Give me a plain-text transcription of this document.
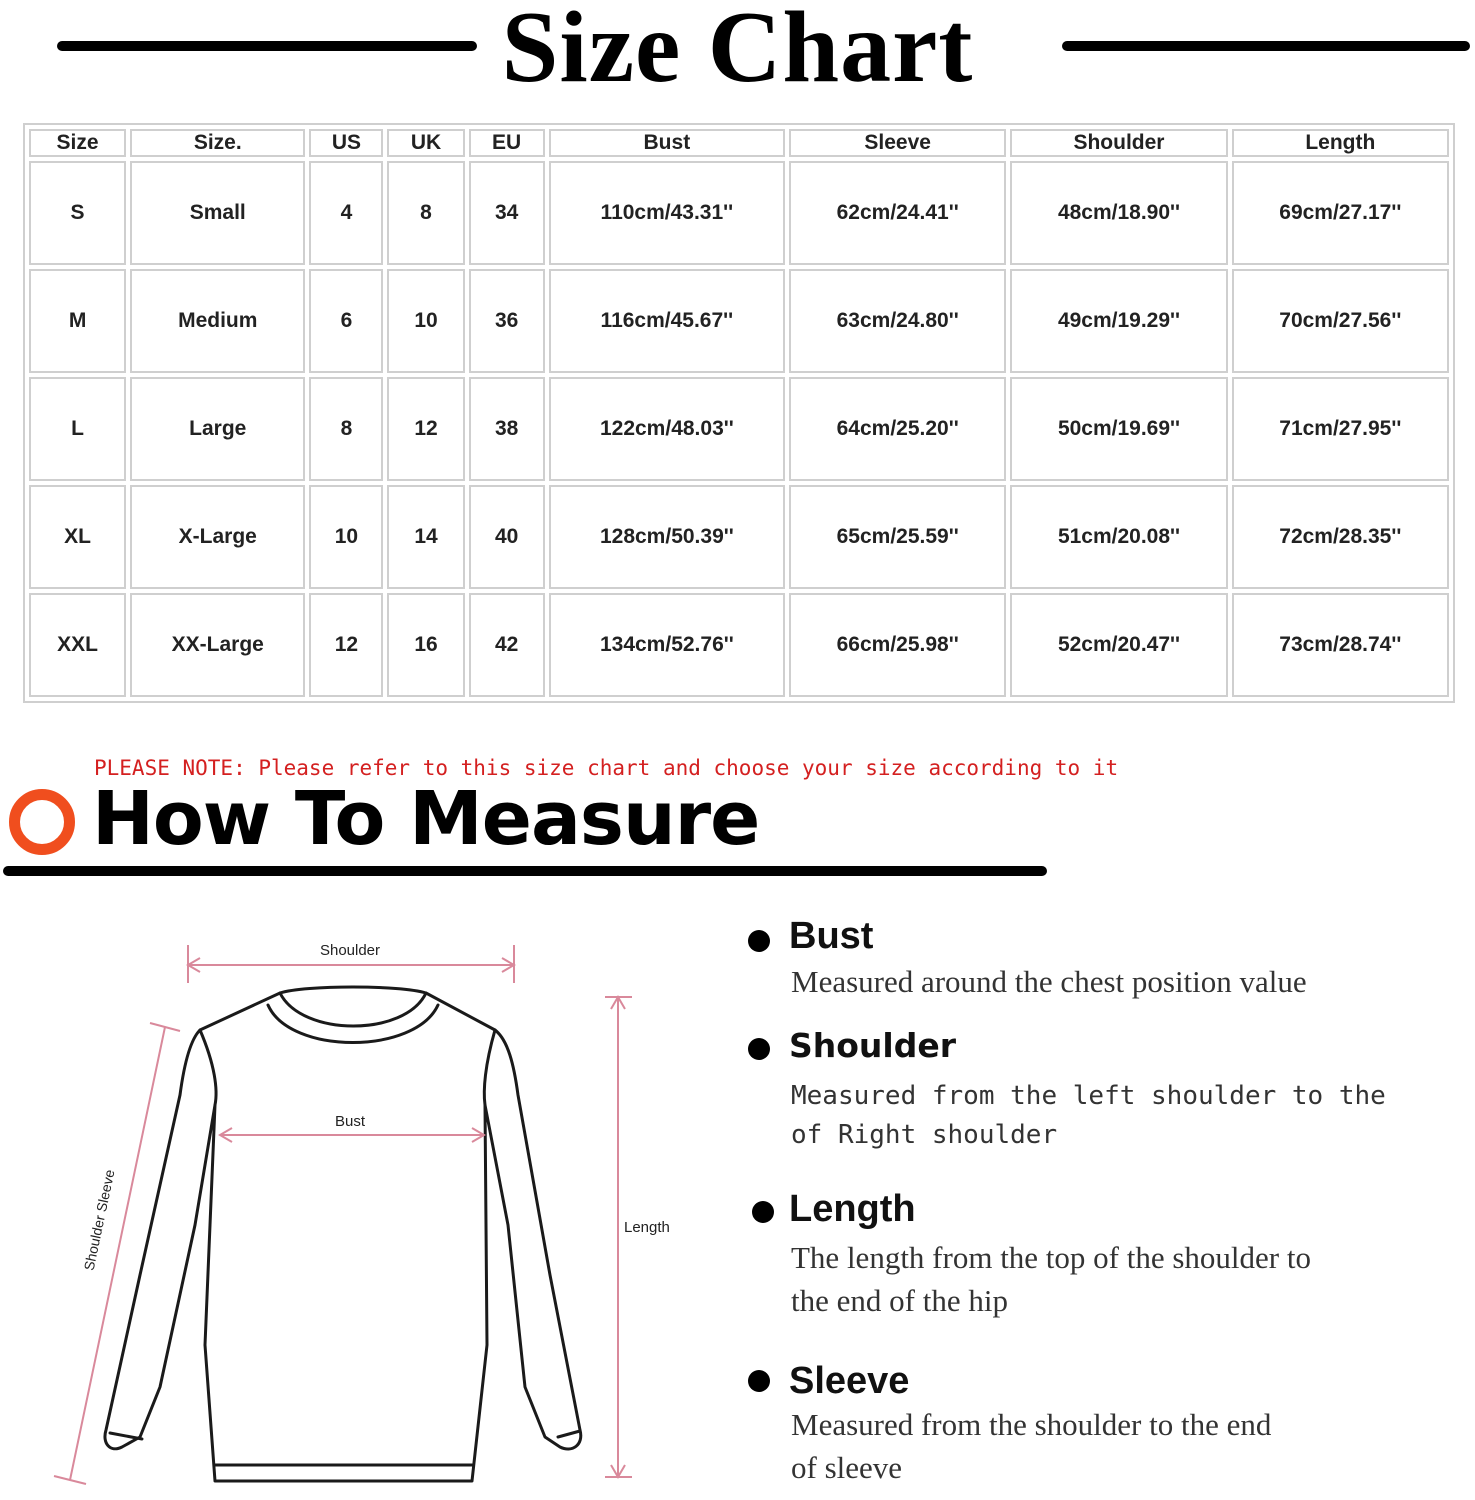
Size Chart
Size	Size.	US	UK	EU	Bust	Sleeve	Shoulder	Length
S	Small	4	8	34	110cm/43.31''	62cm/24.41''	48cm/18.90''	69cm/27.17''
M	Medium	6	10	36	116cm/45.67''	63cm/24.80''	49cm/19.29''	70cm/27.56''
L	Large	8	12	38	122cm/48.03''	64cm/25.20''	50cm/19.69''	71cm/27.95''
XL	X-Large	10	14	40	128cm/50.39''	65cm/25.59''	51cm/20.08''	72cm/28.35''
XXL	XX-Large	12	16	42	134cm/52.76''	66cm/25.98''	52cm/20.47''	73cm/28.74''
PLEASE NOTE: Please refer to this size chart and choose your size according to it
How To Measure
Shoulder
Bust
Length
Shoulder Sleeve
Bust
Measured around the chest position value
Shoulder
Measured from the left shoulder to the
of Right shoulder
Length
The length from the top of the shoulder to
the end of the hip
Sleeve
Measured from the shoulder to the end
of sleeve
